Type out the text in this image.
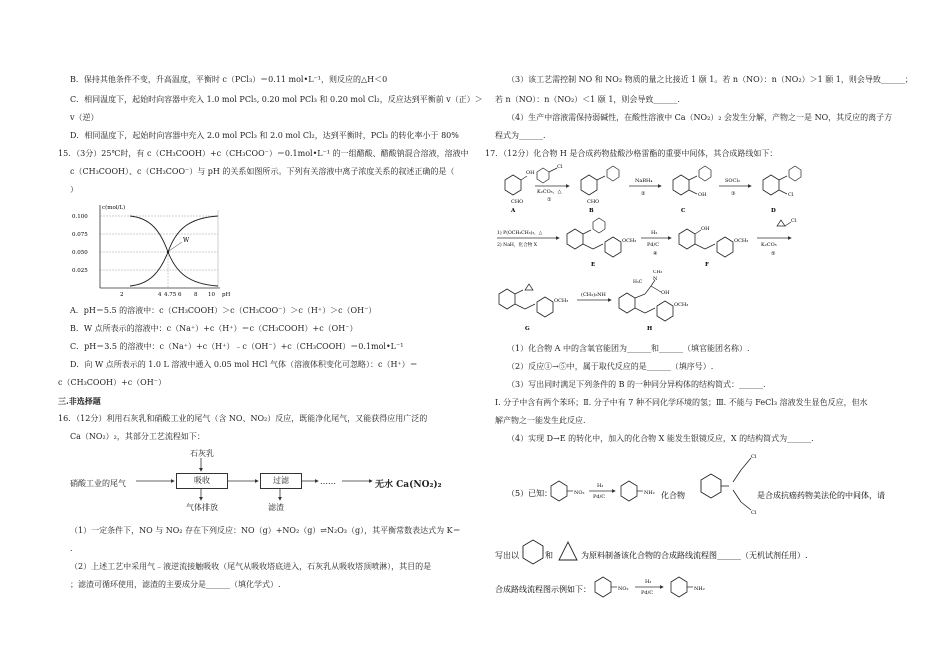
B．保持其他条件不变，升高温度，平衡时 c（PCl₃）＝0.11 mol•L⁻¹，则反应的△H＜0
C．相同温度下，起始时向容器中充入 1.0 mol PCl₅, 0.20 mol PCl₃ 和 0.20 mol Cl₂，反应达到平衡前 v（正）＞
v（逆）
D．相同温度下，起始时向容器中充入 2.0 mol PCl₃ 和 2.0 mol Cl₂，达到平衡时，PCl₃ 的转化率小于 80%
15．（3分）25℃时，有 c（CH₃COOH）+c（CH₃COO⁻）＝0.1mol•L⁻¹ 的一组醋酸、醋酸钠混合溶液，溶液中
c（CH₃COOH）、c（CH₃COO⁻）与 pH 的关系如图所示。下列有关溶液中离子浓度关系的叙述正确的是（
）
c(mol/L)
0.100
0.075
0.050
0.025
2	4 4.75 6 8 10 pH
W
A．pH＝5.5 的溶液中：c（CH₃COOH）＞c（CH₃COO⁻）＞c（H⁺）＞c（OH⁻）
B．W 点所表示的溶液中：c（Na⁺）+c（H⁺）＝c（CH₃COOH）+c（OH⁻）
C．pH＝3.5 的溶液中：c（Na⁺）+c（H⁺）﹣c（OH⁻）+c（CH₃COOH）＝0.1mol•L⁻¹
D．向 W 点所表示的 1.0 L 溶液中通入 0.05 mol HCl 气体（溶液体积变化可忽略）：c（H⁺）＝
c（CH₃COOH）+c（OH⁻）
三.非选择题
16．（12分）利用石灰乳和硝酸工业的尾气（含 NO、NO₂）反应，既能净化尾气，又能获得应用广泛的
Ca（NO₂）₂，其部分工艺流程如下：
硝酸工业的尾气
石灰乳
吸收	过滤	……	无水 Ca(NO₂)₂
气体排放	滤渣
（1）一定条件下，NO 与 NO₂ 存在下列反应：NO（g）+NO₂（g）⇌N₂O₃（g），其平衡常数表达式为 K＝
.
（2）上述工艺中采用气﹣液逆流接触吸收（尾气从吸收塔底进入，石灰乳从吸收塔顶喷淋），其目的是
；滤渣可循环使用，滤渣的主要成分是______（填化学式）.
（3）该工艺需控制 NO 和 NO₂ 物质的量之比接近 1 颐 1。若 n（NO）：n（NO₂）＞1 颐 1，则会导致______；
若 n（NO）：n（NO₂）＜1 颐 1，则会导致______.
（4）生产中溶液需保持弱碱性，在酸性溶液中 Ca（NO₂）₂ 会发生分解，产物之一是 NO，其反应的离子方
程式为______.
17．（12分）化合物 H 是合成药物盐酸沙格雷酯的重要中间体，其合成路线如下：
OH
CHO
A
Cl
K₂CO₃，△
①	CHO
B
NaBH₄
②	OH
C
SOCl₂
③	Cl
D
1) P(OCH₂CH₃)₃，△
2) NaH，化合物 X
OCH₃
E
H₂
Pd/C
④
OH
OCH₃
F
Cl
K₂CO₃
⑤
OCH₃
G
(CH₃)₂NH
N
CH₃
H₃C
OH
OCH₃
H
（1）化合物 A 中的含氧官能团为______和______（填官能团名称）.
（2）反应①→⑤中，属于取代反应的是______（填序号）.
（3）写出同时满足下列条件的 B 的一种同分异构体的结构简式：______.
Ⅰ. 分子中含有两个苯环；Ⅱ. 分子中有 7 种不同化学环境的氢；Ⅲ. 不能与 FeCl₃ 溶液发生显色反应，但水
解产物之一能发生此反应.
（4）实现 D→E 的转化中，加入的化合物 X 能发生银镜反应，X 的结构简式为______.
（5）已知：	NO₂
H₂
Pd/C
NH₂ 化合物
Cl
Cl
是合成抗癌药物美法伦的中间体，请
写出以	和	为原料制备该化合物的合成路线流程图______（无机试剂任用）.
合成路线流程图示例如下：	NO₂
H₂
Pd/C
NH₂
